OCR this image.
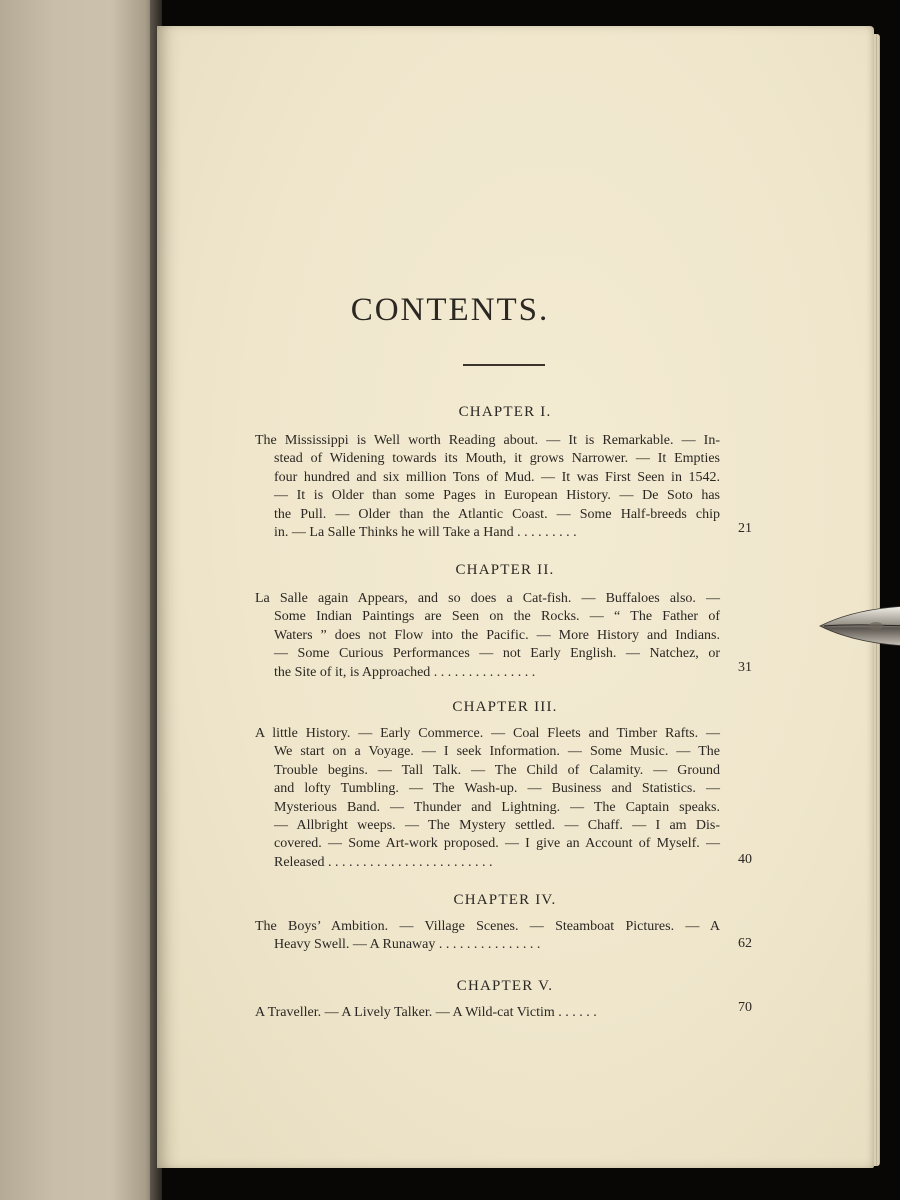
CONTENTS.
CHAPTER I.
The Mississippi is Well worth Reading about. — It is Remarkable. — In-
stead of Widening towards its Mouth, it grows Narrower. — It Empties
four hundred and six million Tons of Mud. — It was First Seen in 1542.
— It is Older than some Pages in European History. — De Soto has
the Pull. — Older than the Atlantic Coast. — Some Half-breeds chip
in. — La Salle Thinks he will Take a Hand . . . . . . . . .	21
CHAPTER II.
La Salle again Appears, and so does a Cat-fish. — Buffaloes also. —
Some Indian Paintings are Seen on the Rocks. — “ The Father of
Waters ” does not Flow into the Pacific. — More History and Indians.
— Some Curious Performances — not Early English. — Natchez, or
the Site of it, is Approached . . . . . . . . . . . . . . .	31
CHAPTER III.
A little History. — Early Commerce. — Coal Fleets and Timber Rafts. —
We start on a Voyage. — I seek Information. — Some Music. — The
Trouble begins. — Tall Talk. — The Child of Calamity. — Ground
and lofty Tumbling. — The Wash-up. — Business and Statistics. —
Mysterious Band. — Thunder and Lightning. — The Captain speaks.
— Allbright weeps. — The Mystery settled. — Chaff. — I am Dis-
covered. — Some Art-work proposed. — I give an Account of Myself. —
Released . . . . . . . . . . . . . . . . . . . . . . . .	40
CHAPTER IV.
The Boys’ Ambition. — Village Scenes. — Steamboat Pictures. — A
Heavy Swell. — A Runaway . . . . . . . . . . . . . . .	62
CHAPTER V.
A Traveller. — A Lively Talker. — A Wild-cat Victim . . . . . .	70
